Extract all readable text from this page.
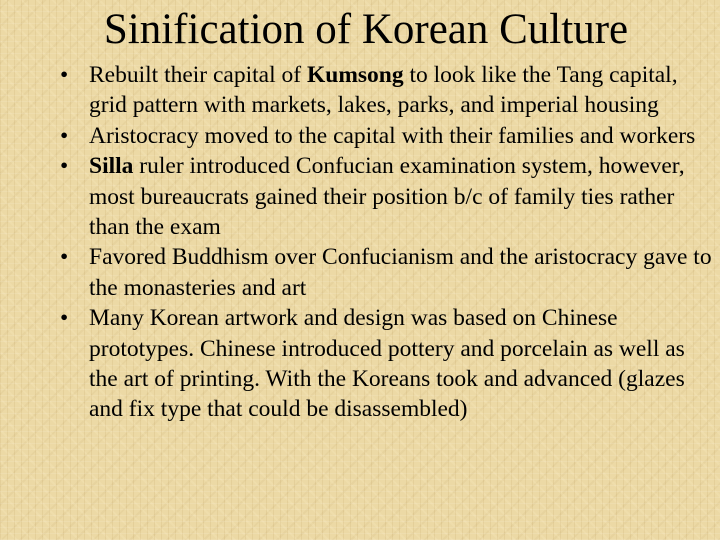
Sinification of Korean Culture
• Rebuilt their capital of Kumsong to look like the Tang capital, grid pattern with markets, lakes, parks, and imperial housing
• Aristocracy moved to the capital with their families and workers
• Silla ruler introduced Confucian examination system, however, most bureaucrats gained their position b/c of family ties rather than the exam
• Favored Buddhism over Confucianism and the aristocracy gave to the monasteries and art
• Many Korean artwork and design was based on Chinese prototypes. Chinese introduced pottery and porcelain as well as the art of printing. With the Koreans took and advanced (glazes and fix type that could be disassembled)
